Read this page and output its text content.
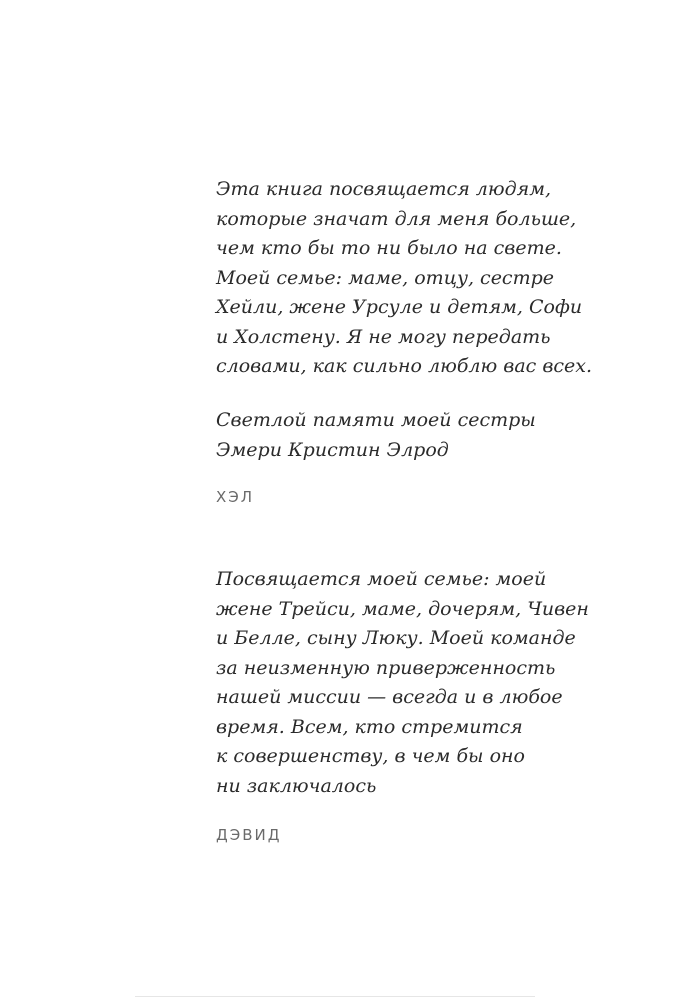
Эта книга посвящается людям,
которые значат для меня больше,
чем кто бы то ни было на свете.
Моей семье: маме, отцу, сестре
Хейли, жене Урсуле и детям, Софи
и Холстену. Я не могу передать
словами, как сильно люблю вас всех.

Светлой памяти моей сестры
Эмери Кристин Элрод

ХЭЛ

Посвящается моей семье: моей
жене Трейси, маме, дочерям, Чивен
и Белле, сыну Люку. Моей команде
за неизменную приверженность
нашей миссии — всегда и в любое
время. Всем, кто стремится
к совершенству, в чем бы оно
ни заключалось

ДЭВИД
